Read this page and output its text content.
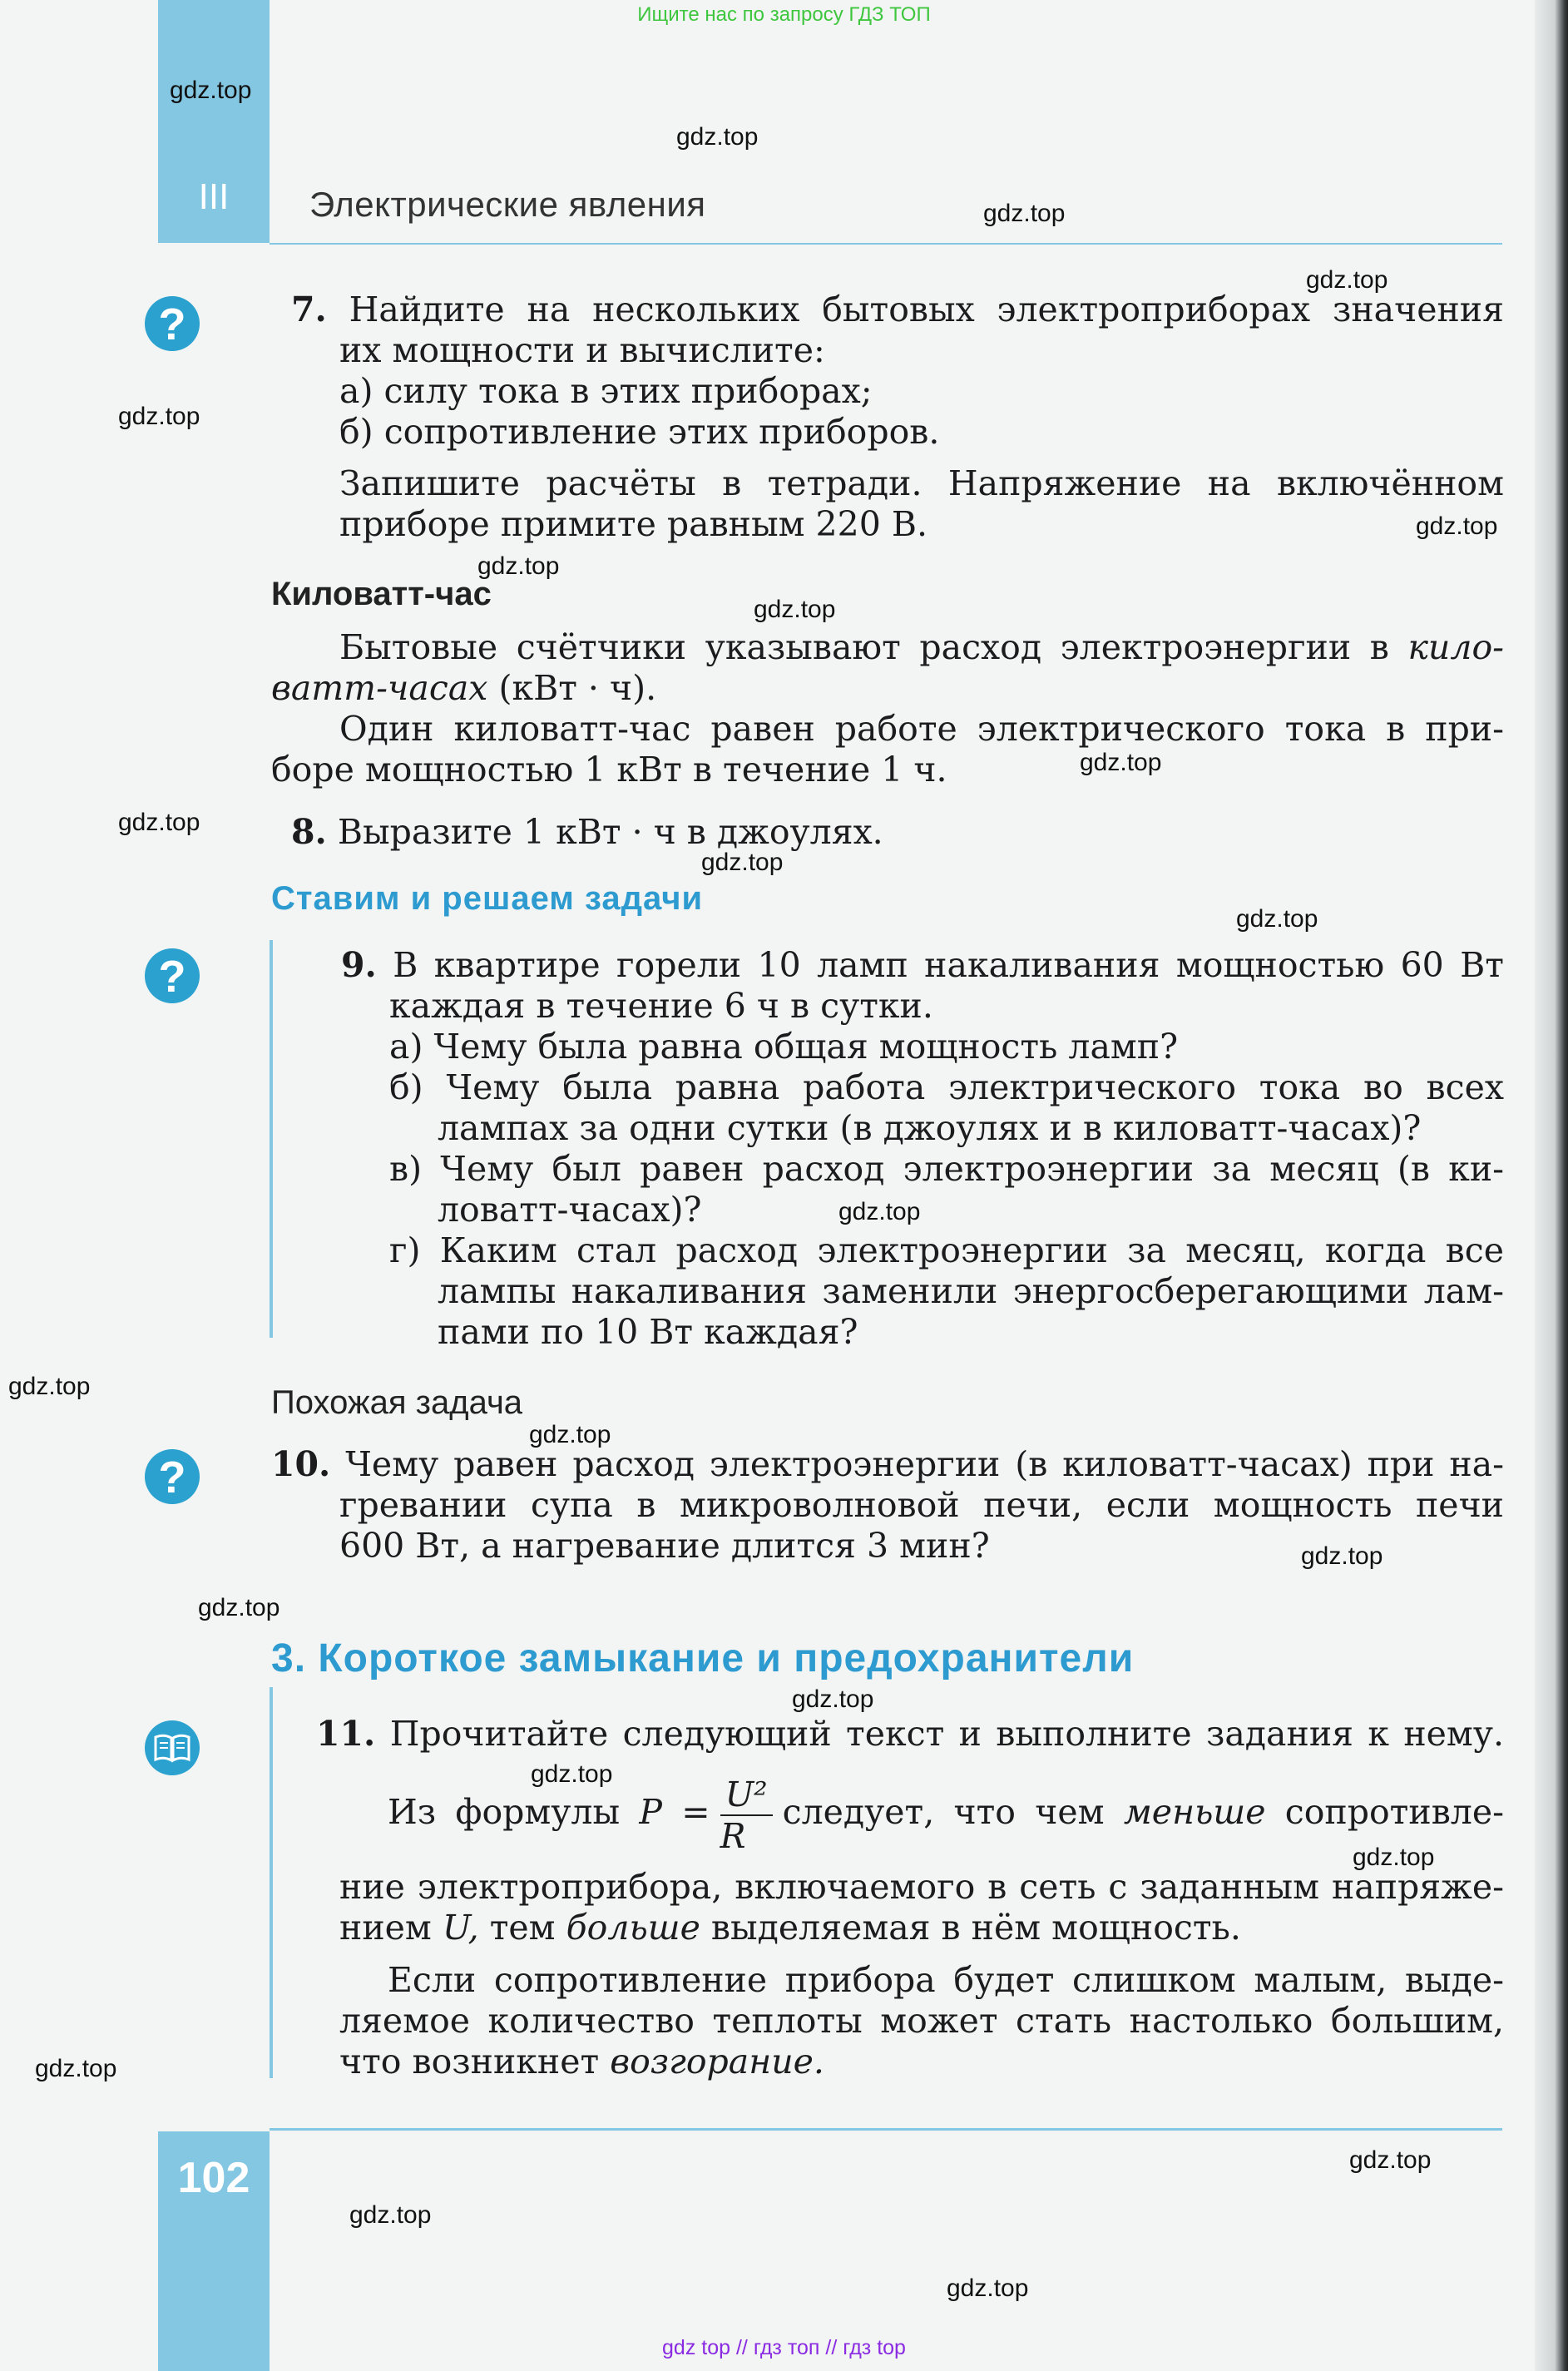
Ищите нас по запросу ГДЗ ТОП
III	Электрические явления
?
?
?
7. Найдите на нескольких бытовых электроприборах значения
их мощности и вычислите:
а) силу тока в этих приборах;
б) сопротивление этих приборов.
Запишите расчёты в тетради. Напряжение на включённом
приборе примите равным 220 В.
Киловатт-час
Бытовые счётчики указывают расход электроэнергии в кило-
ватт-часах (кВт · ч).
Один киловатт-час равен работе электрического тока в при-
боре мощностью 1 кВт в течение 1 ч.
8. Выразите 1 кВт · ч в джоулях.
Ставим и решаем задачи
9. В квартире горели 10 ламп накаливания мощностью 60 Вт
каждая в течение 6 ч в сутки.
а) Чему была равна общая мощность ламп?
б) Чему была равна работа электрического тока во всех
лампах за одни сутки (в джоулях и в киловатт-часах)?
в) Чему был равен расход электроэнергии за месяц (в ки-
ловатт-часах)?
г) Каким стал расход электроэнергии за месяц, когда все
лампы накаливания заменили энергосберегающими лам-
пами по 10 Вт каждая?
Похожая задача
10. Чему равен расход электроэнергии (в киловатт-часах) при на-
гревании супа в микроволновой печи, если мощность печи
600 Вт, а нагревание длится 3 мин?
3. Короткое замыкание и предохранители
11. Прочитайте следующий текст и выполните задания к нему.
Из формулы $P = \frac{\text{U²}}{R}$ следует, что чем меньше сопротивле-
ние электроприбора, включаемого в сеть с заданным напряже-
нием U, тем больше выделяемая в нём мощность.
Если сопротивление прибора будет слишком малым, выде-
ляемое количество теплоты может стать настолько большим,
что возникнет возгорание.
102
gdz top // гдз топ // гдз top
gdz.top
gdz.top
gdz.top
gdz.top
gdz.top
gdz.top
gdz.top
gdz.top
gdz.top
gdz.top
gdz.top
gdz.top
gdz.top
gdz.top
gdz.top
gdz.top
gdz.top
gdz.top
gdz.top
gdz.top
gdz.top
gdz.top
gdz.top
gdz.top
